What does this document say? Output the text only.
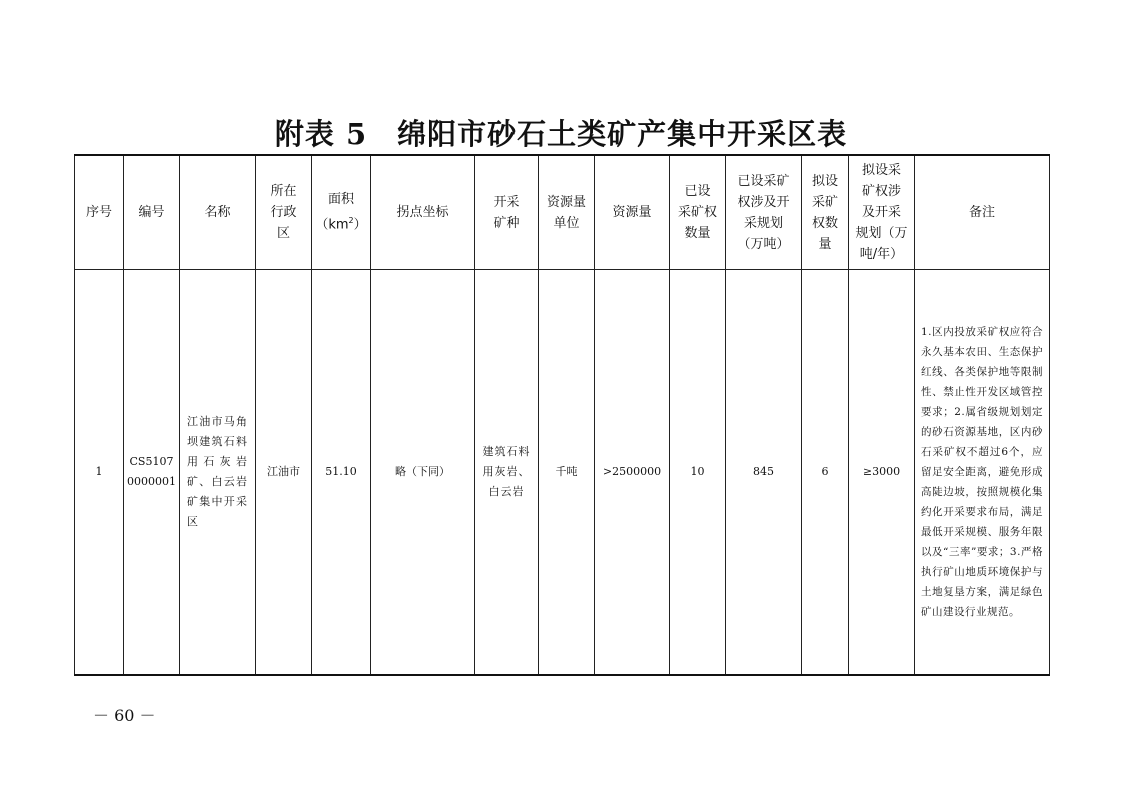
附表 5　绵阳市砂石土类矿产集中开采区表
序号	编号	名称	所在
行政
区	面积
$(km^2)$	拐点坐标	开采
矿种	资源量
单位	资源量	已设
采矿权
数量	已设采矿
权涉及开
采规划
（万吨）	拟设
采矿
权数
量	拟设采
矿权涉
及开采
规划（万
吨/年）	备注
1	CS5107
0000001	江油市马角坝建筑石料用石灰岩矿、白云岩矿集中开采区	江油市	51.10	略（下同）	建筑石料用灰岩、白云岩	千吨	>2500000	10	845	6	≥3000	1.区内投放采矿权应符合永久基本农田、生态保护红线、各类保护地等限制性、禁止性开发区域管控要求；2.属省级规划划定的砂石资源基地，区内砂石采矿权不超过6个，应留足安全距离，避免形成高陡边坡，按照规模化集约化开采要求布局，满足最低开采规模、服务年限以及“三率”要求；3.严格执行矿山地质环境保护与土地复垦方案，满足绿色矿山建设行业规范。
－ 60 －
